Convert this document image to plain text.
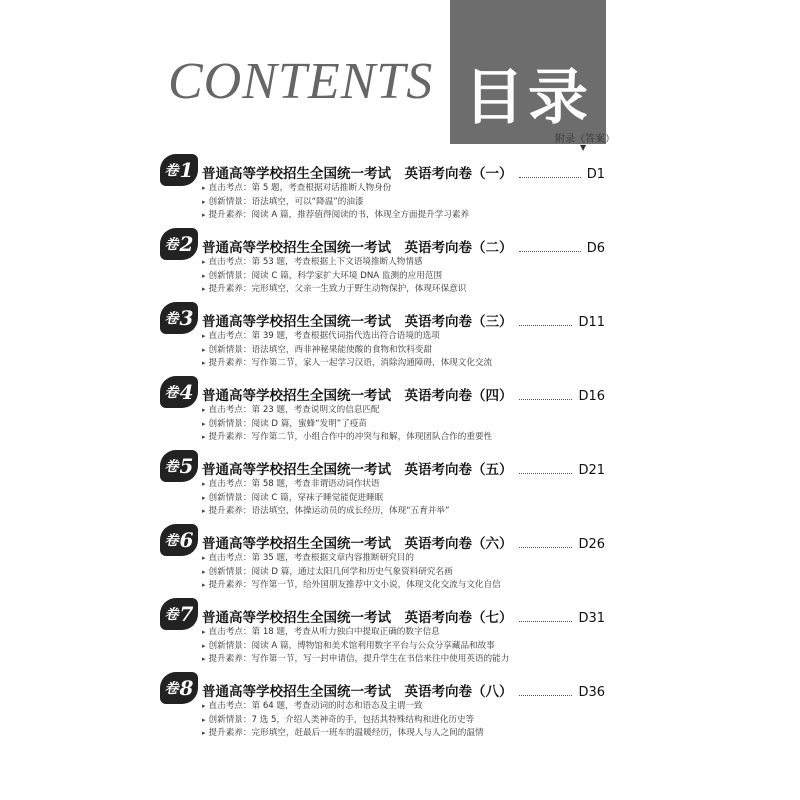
CONTENTS 目录
附录（答案）
▼
卷 1 普通高等学校招生全国统一考试　英语考向卷（一）	D1
▸ 直击考点：第 5 题，考查根据对话推断人物身份
▸ 创新情景：语法填空，可以“降温”的油漆
▸ 提升素养：阅读 A 篇，推荐值得阅读的书，体现全方面提升学习素养
卷 2 普通高等学校招生全国统一考试　英语考向卷（二）	D6
▸ 直击考点：第 53 题，考查根据上下文语境推断人物情感
▸ 创新情景：阅读 C 篇，科学家扩大环境 DNA 监测的应用范围
▸ 提升素养：完形填空，父亲一生致力于野生动物保护，体现环保意识
卷 3 普通高等学校招生全国统一考试　英语考向卷（三）	D11
▸ 直击考点：第 39 题，考查根据代词指代选出符合语境的选项
▸ 创新情景：语法填空，西非神秘果能使酸的食物和饮料变甜
▸ 提升素养：写作第二节，家人一起学习汉语，消除沟通障碍，体现文化交流
卷 4 普通高等学校招生全国统一考试　英语考向卷（四）	D16
▸ 直击考点：第 23 题，考查说明文的信息匹配
▸ 创新情景：阅读 D 篇，蜜蜂“发明”了疫苗
▸ 提升素养：写作第二节，小组合作中的冲突与和解，体现团队合作的重要性
卷 5 普通高等学校招生全国统一考试　英语考向卷（五）	D21
▸ 直击考点：第 58 题，考查非谓语动词作状语
▸ 创新情景：阅读 C 篇，穿袜子睡觉能促进睡眠
▸ 提升素养：语法填空，体操运动员的成长经历，体现“五育并举”
卷 6 普通高等学校招生全国统一考试　英语考向卷（六）	D26
▸ 直击考点：第 35 题，考查根据文章内容推断研究目的
▸ 创新情景：阅读 D 篇，通过太阳几何学和历史气象资料研究名画
▸ 提升素养：写作第一节，给外国朋友推荐中文小说，体现文化交流与文化自信
卷 7 普通高等学校招生全国统一考试　英语考向卷（七）	D31
▸ 直击考点：第 18 题，考查从听力独白中提取正确的数字信息
▸ 创新情景：阅读 A 篇，博物馆和美术馆利用数字平台与公众分享藏品和故事
▸ 提升素养：写作第一节，写一封申请信，提升学生在书信来往中使用英语的能力
卷 8 普通高等学校招生全国统一考试　英语考向卷（八）	D36
▸ 直击考点：第 64 题，考查动词的时态和语态及主谓一致
▸ 创新情景：7 选 5，介绍人类神奇的手，包括其特殊结构和进化历史等
▸ 提升素养：完形填空，赶最后一班车的温暖经历，体现人与人之间的温情
